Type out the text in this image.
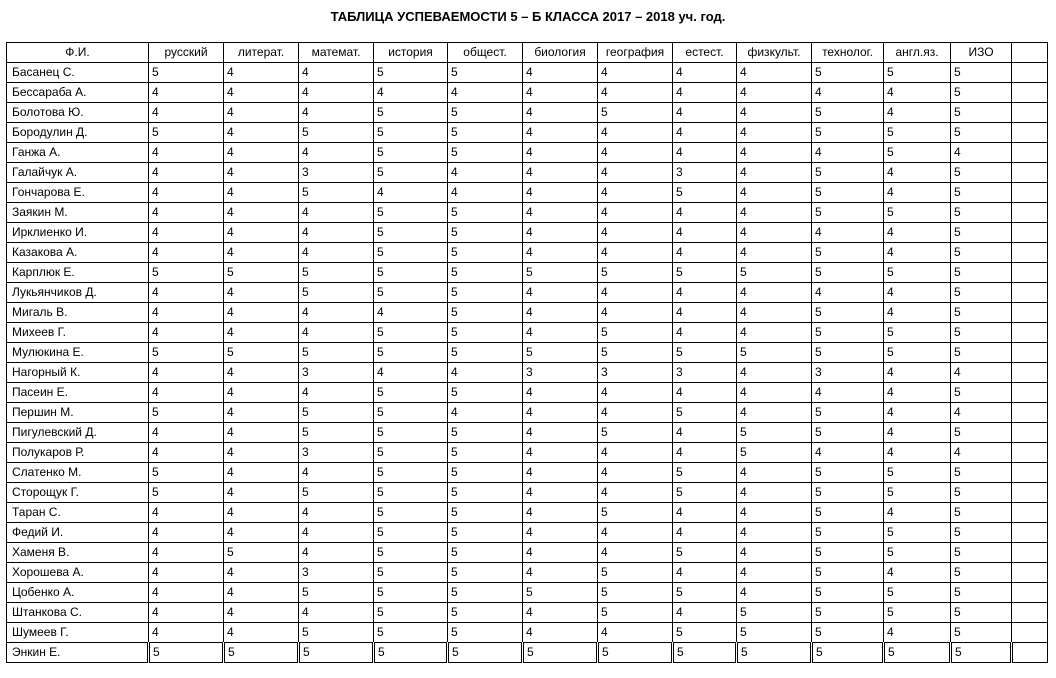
ТАБЛИЦА УСПЕВАЕМОСТИ 5 – Б КЛАССА 2017 – 2018 уч. год.
Ф.И.	русский	литерат.	математ.	история	общест.	биология	география	естест.	физкульт.	технолог.	англ.яз.	ИЗО	
Басанец С.	5	4	4	5	5	4	4	4	4	5	5	5	
Бессараба А.	4	4	4	4	4	4	4	4	4	4	4	5	
Болотова Ю.	4	4	4	5	5	4	5	4	4	5	4	5	
Бородулин Д.	5	4	5	5	5	4	4	4	4	5	5	5	
Ганжа А.	4	4	4	5	5	4	4	4	4	4	5	4	
Галайчук А.	4	4	3	5	4	4	4	3	4	5	4	5	
Гончарова Е.	4	4	5	4	4	4	4	5	4	5	4	5	
Заякин М.	4	4	4	5	5	4	4	4	4	5	5	5	
Ирклиенко И.	4	4	4	5	5	4	4	4	4	4	4	5	
Казакова А.	4	4	4	5	5	4	4	4	4	5	4	5	
Карплюк Е.	5	5	5	5	5	5	5	5	5	5	5	5	
Лукьянчиков Д.	4	4	5	5	5	4	4	4	4	4	4	5	
Мигаль В.	4	4	4	4	5	4	4	4	4	5	4	5	
Михеев Г.	4	4	4	5	5	4	5	4	4	5	5	5	
Мулюкина Е.	5	5	5	5	5	5	5	5	5	5	5	5	
Нагорный К.	4	4	3	4	4	3	3	3	4	3	4	4	
Пасеин Е.	4	4	4	5	5	4	4	4	4	4	4	5	
Першин М.	5	4	5	5	4	4	4	5	4	5	4	4	
Пигулевский Д.	4	4	5	5	5	4	5	4	5	5	4	5	
Полукаров Р.	4	4	3	5	5	4	4	4	5	4	4	4	
Слатенко М.	5	4	4	5	5	4	4	5	4	5	5	5	
Сторощук Г.	5	4	5	5	5	4	4	5	4	5	5	5	
Таран С.	4	4	4	5	5	4	5	4	4	5	4	5	
Федий И.	4	4	4	5	5	4	4	4	4	5	5	5	
Хаменя В.	4	5	4	5	5	4	4	5	4	5	5	5	
Хорошева А.	4	4	3	5	5	4	5	4	4	5	4	5	
Цобенко А.	4	4	5	5	5	5	5	5	4	5	5	5	
Штанкова С.	4	4	4	5	5	4	5	4	5	5	5	5	
Шумеев Г.	4	4	5	5	5	4	4	5	5	5	4	5	
Энкин Е.	5	5	5	5	5	5	5	5	5	5	5	5	
